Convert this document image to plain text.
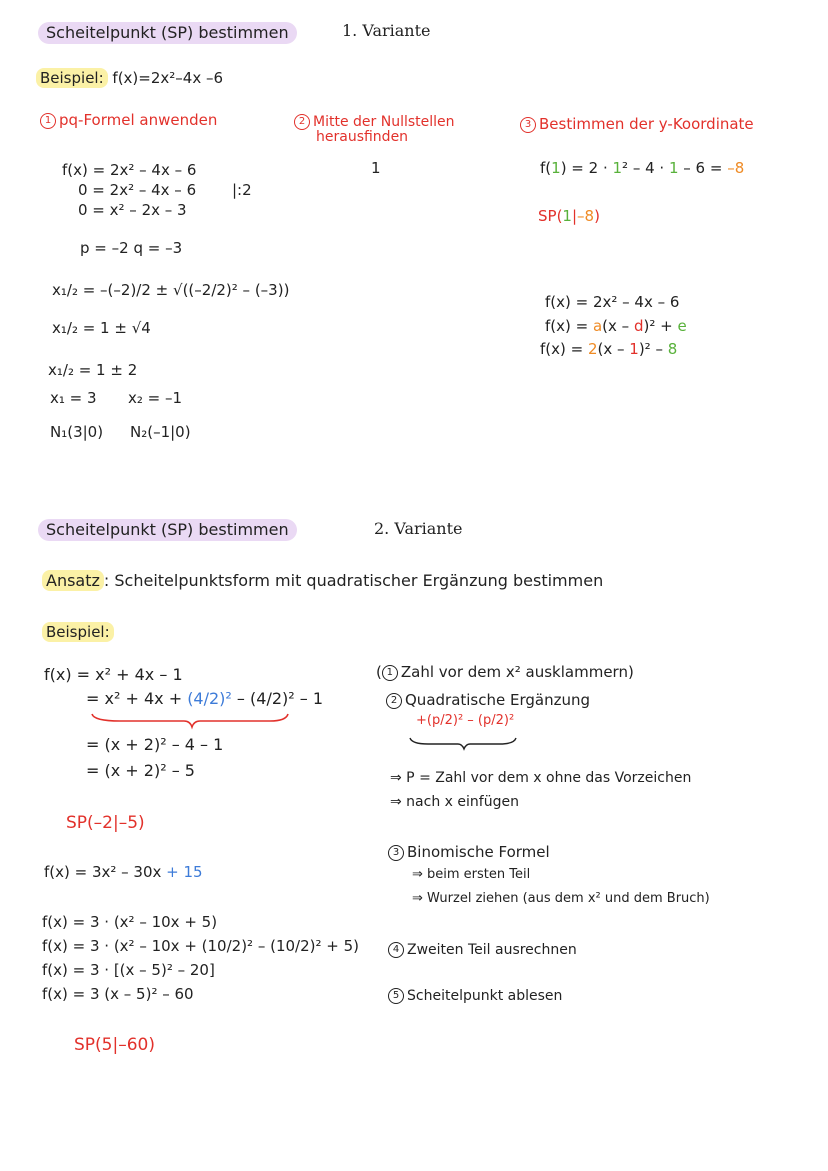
Scheitelpunkt (SP) bestimmen	1. Variante
Beispiel: f(x)=2x²–4x –6
1 pq-Formel anwenden
f(x) = 2x² – 4x – 6
0 = 2x² – 4x – 6 |:2
0 = x² – 2x – 3
p = –2 q = –3
x₁/₂ = –(–2)/2 ± √((–2/2)² – (–3))
x₁/₂ = 1 ± √4
x₁/₂ = 1 ± 2
x₁ = 3 x₂ = –1
N₁(3|0) N₂(–1|0)
2 Mitte der Nullstellen
herausfinden
1
3 Bestimmen der y-Koordinate
f(1) = 2 · 1² – 4 · 1 – 6 = –8
SP(1|–8)
f(x) = 2x² – 4x – 6
f(x) = a(x – d)² + e
f(x) = 2(x – 1)² – 8
Scheitelpunkt (SP) bestimmen	2. Variante
Ansatz : Scheitelpunktsform mit quadratischer Ergänzung bestimmen
Beispiel:
f(x) = x² + 4x – 1
= x² + 4x + (4/2)² – (4/2)² – 1
= (x + 2)² – 4 – 1
= (x + 2)² – 5
SP(–2|–5)
f(x) = 3x² – 30x + 15
f(x) = 3 · (x² – 10x + 5)
f(x) = 3 · (x² – 10x + (10/2)² – (10/2)² + 5)
f(x) = 3 · [(x – 5)² – 20]
f(x) = 3 (x – 5)² – 60
SP(5|–60)
( 1 Zahl vor dem x² ausklammern)
2 Quadratische Ergänzung
+(p/2)² – (p/2)²
⇒ P = Zahl vor dem x ohne das Vorzeichen
⇒ nach x einfügen
3 Binomische Formel
⇒ beim ersten Teil
⇒ Wurzel ziehen (aus dem x² und dem Bruch)
4 Zweiten Teil ausrechnen
5 Scheitelpunkt ablesen
